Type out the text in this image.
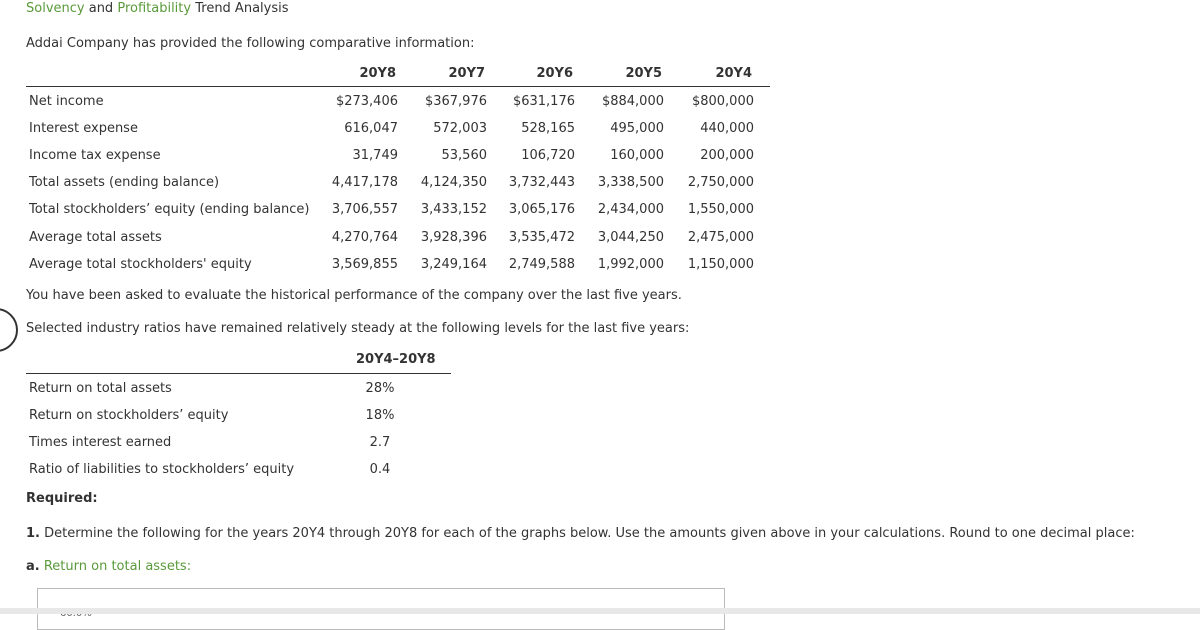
Solvency and Profitability Trend Analysis
Addai Company has provided the following comparative information:
20Y8	20Y7	20Y6	20Y5	20Y4
Net income	$273,406	$367,976	$631,176	$884,000	$800,000
Interest expense	616,047	572,003	528,165	495,000	440,000
Income tax expense	31,749	53,560	106,720	160,000	200,000
Total assets (ending balance)	4,417,178	4,124,350	3,732,443	3,338,500	2,750,000
Total stockholders’ equity (ending balance)	3,706,557	3,433,152	3,065,176	2,434,000	1,550,000
Average total assets	4,270,764	3,928,396	3,535,472	3,044,250	2,475,000
Average total stockholders' equity	3,569,855	3,249,164	2,749,588	1,992,000	1,150,000
You have been asked to evaluate the historical performance of the company over the last five years.
Selected industry ratios have remained relatively steady at the following levels for the last five years:
20Y4–20Y8
Return on total assets	28%
Return on stockholders’ equity	18%
Times interest earned	2.7
Ratio of liabilities to stockholders’ equity	0.4
Required:
1. Determine the following for the years 20Y4 through 20Y8 for each of the graphs below. Use the amounts given above in your calculations. Round to one decimal place:
a. Return on total assets:
